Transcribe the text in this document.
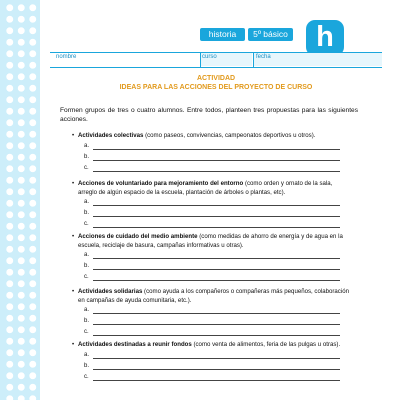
historia	5º básico h
nombre	curso	fecha
ACTIVIDAD
IDEAS PARA LAS ACCIONES DEL PROYECTO DE CURSO
Formen grupos de tres o cuatro alumnos. Entre todos, planteen tres propuestas para las siguientes acciones.
• Actividades colectivas (como paseos, convivencias, campeonatos deportivos u otros).
a.
b.
c.
• Acciones de voluntariado para mejoramiento del entorno (como orden y ornato de la sala, arreglo de algún espacio de la escuela, plantación de árboles o plantas, etc).
a.
b.
c.
• Acciones de cuidado del medio ambiente (como medidas de ahorro de energía y de agua en la escuela, reciclaje de basura, campañas informativas u otras).
a.
b.
c.
• Actividades solidarias (como ayuda a los compañeros o compañeras más pequeños, colaboración en campañas de ayuda comunitaria, etc.).
a.
b.
c.
• Actividades destinadas a reunir fondos (como venta de alimentos, feria de las pulgas u otras).
a.
b.
c.
